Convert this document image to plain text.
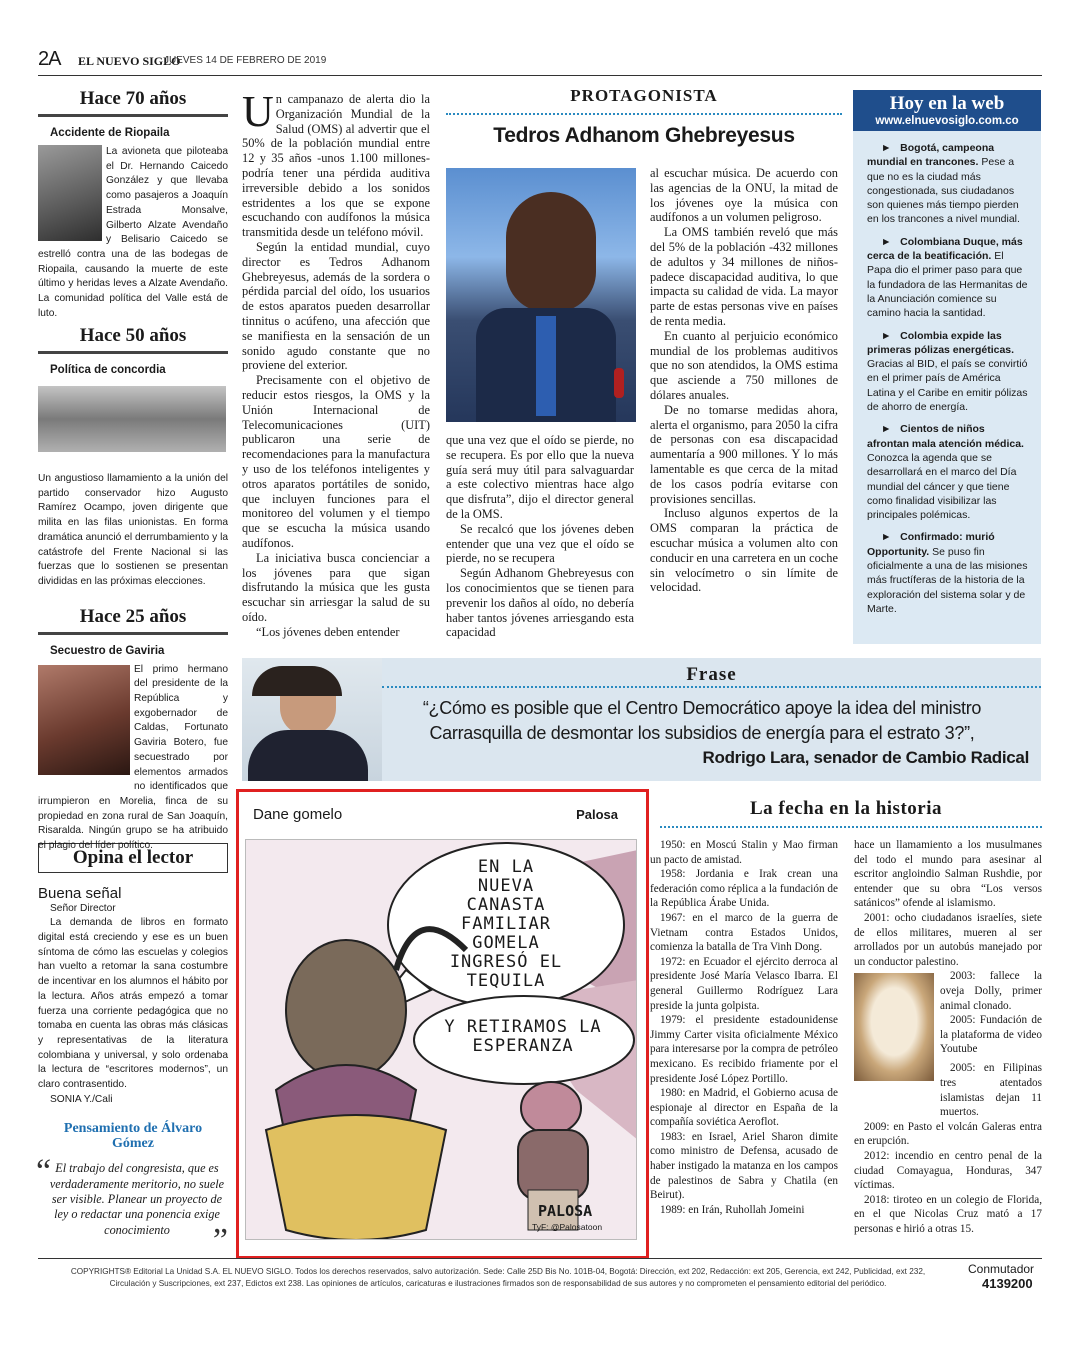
2A EL NUEVO SIGLO
JUEVES 14 DE FEBRERO DE 2019
Hace 70 años
Accidente de Riopaila

La avioneta que piloteaba el Dr. Hernando Caicedo González y que llevaba como pasajeros a Joaquín Estrada Monsalve, Gilberto Alzate Avendaño y Belisario Caicedo se estrelló contra una de las bodegas de Riopaila, causando la muerte de este último y heridas leves a Alzate Avendaño. La comunidad política del Valle está de luto.

Hace 50 años
Política de concordia

Un angustioso llamamiento a la unión del partido conservador hizo Augusto Ramírez Ocampo, joven dirigente que milita en las filas unionistas. En forma dramática anunció el derrumbamiento y la catástrofe del Frente Nacional si las fuerzas que lo sostienen se presentan divididas en las próximas elecciones.

Hace 25 años
Secuestro de Gaviria

El primo hermano del presidente de la República y exgobernador de Caldas, Fortunato Gaviria Botero, fue secuestrado por elementos armados no identificados que irrumpieron en Morelia, finca de su propiedad en zona rural de San Joaquín, Risaralda. Ningún grupo se ha atribuido el plagio del líder político.

Opina el lector
Buena señal
Señor Director

La demanda de libros en formato digital está creciendo y ese es un buen síntoma de cómo las escuelas y colegios han vuelto a retomar la sana costumbre de incentivar en los alumnos el hábito por la lectura. Años atrás empezó a tomar fuerza una corriente pedagógica que no tomaba en cuenta las obras más clásicas y representativas de la literatura colombiana y universal, y solo ordenaba la lectura de “escritores modernos”, un claro contrasentido.

SONIA Y./Cali
Pensamiento de Álvaro Gómez
“
”

El trabajo del congresista, que es verdaderamente meritorio, no suele ser visible. Planear un proyecto de ley o redactar una ponencia exige conocimiento

PROTAGONISTA
Tedros Adhanom Ghebreyesus

Un campanazo de alerta dio la Organización Mundial de la Salud (OMS) al advertir que el 50% de la población mundial entre 12 y 35 años -unos 1.100 millones- podría tener una pérdida auditiva irreversible debido a los sonidos estridentes a los que se expone escuchando con audífonos la música transmitida desde un teléfono móvil.

Según la entidad mundial, cuyo director es Tedros Adhanom Ghebreyesus, además de la sordera o pérdida parcial del oído, los usuarios de estos aparatos pueden desarrollar tinnitus o acúfeno, una afección que se manifiesta en la sensación de un sonido agudo constante que no proviene del exterior.

Precisamente con el objetivo de reducir estos riesgos, la OMS y la Unión Internacional de Telecomunicaciones (UIT) publicaron una serie de recomendaciones para la manufactura y uso de los teléfonos inteligentes y otros aparatos portátiles de sonido, que incluyen funciones para el monitoreo del volumen y el tiempo que se escucha la música usando audífonos.

La iniciativa busca concienciar a los jóvenes para que sigan disfrutando la música que les gusta escuchar sin arriesgar la salud de su oído.

“Los jóvenes deben entender

que una vez que el oído se pierde, no se recupera. Es por ello que la nueva guía será muy útil para salvaguardar a este colectivo mientras hace algo que disfruta”, dijo el director general de la OMS.

Se recalcó que los jóvenes deben entender que una vez que el oído se pierde, no se recupera

Según Adhanom Ghebreyesus con los conocimientos que se tienen para prevenir los daños al oído, no debería haber tantos jóvenes arriesgando esta capacidad

al escuchar música. De acuerdo con las agencias de la ONU, la mitad de los jóvenes oye la música con audífonos a un volumen peligroso.

La OMS también reveló que más del 5% de la población -432 millones de adultos y 34 millones de niños- padece discapacidad auditiva, lo que impacta su calidad de vida. La mayor parte de estas personas vive en países de renta media.

En cuanto al perjuicio económico mundial de los problemas auditivos que no son atendidos, la OMS estima que asciende a 750 millones de dólares anuales.

De no tomarse medidas ahora, alerta el organismo, para 2050 la cifra de personas con esa discapacidad aumentaría a 900 millones. Y lo más lamentable es que cerca de la mitad de los casos podría evitarse con provisiones sencillas.

Incluso algunos expertos de la OMS comparan la práctica de escuchar música a volumen alto con conducir en una carretera en un coche sin velocímetro o sin límite de velocidad.

Hoy en la web
www.elnuevosiglo.com.co
►   Bogotá, campeona mundial en trancones. Pese a que no es la ciudad más congestionada, sus ciudadanos son quienes más tiempo pierden en los trancones a nivel mundial.
►   Colombiana Duque, más cerca de la beatificación. El Papa dio el primer paso para que la fundadora de las Hermanitas de la Anunciación comience su camino hacia la santidad.
►   Colombia expide las primeras pólizas energéticas. Gracias al BID, el país se convirtió en el primer país de América Latina y el Caribe en emitir pólizas de ahorro de energía.
►   Cientos de niños afrontan mala atención médica. Conozca la agenda que se desarrollará en el marco del Día mundial del cáncer y que tiene como finalidad visibilizar las principales polémicas.
►   Confirmado: murió Opportunity. Se puso fin oficialmente a una de las misiones más fructíferas de la historia de la exploración del sistema solar y de Marte.
Frase

“¿Cómo es posible que el Centro Democrático apoye la idea del ministro Carrasquilla de desmontar los subsidios de energía para el estrato 3?”,

Rodrigo Lara, senador de Cambio Radical
Dane gomelo	Palosa
EN LA NUEVA CANASTA FAMILIAR GOMELA INGRESÓ EL TEQUILA
Y RETIRAMOS LA ESPERANZA
PALOSA
TyF: @Palosatoon
La fecha en la historia

1950: en Moscú Stalin y Mao firman un pacto de amistad.

1958: Jordania e Irak crean una federación como réplica a la fundación de la República Árabe Unida.

1967: en el marco de la guerra de Vietnam contra Estados Unidos, comienza la batalla de Tra Vinh Dong.

1972: en Ecuador el ejército derroca al presidente José María Velasco Ibarra. El general Guillermo Rodríguez Lara preside la junta golpista.

1979: el presidente estadounidense Jimmy Carter visita oficialmente México para interesarse por la compra de petróleo mexicano. Es recibido friamente por el presidente José López Portillo.

1980: en Madrid, el Gobierno acusa de espionaje al director en España de la compañía soviética Aeroflot.

1983: en Israel, Ariel Sharon dimite como ministro de Defensa, acusado de haber instigado la matanza en los campos de palestinos de Sabra y Chatila (en Beirut).

1989: en Irán, Ruhollah Jomeini

hace un llamamiento a los musulmanes del todo el mundo para asesinar al escritor angloindio Salman Rushdie, por entender que su obra “Los versos satánicos” ofende al islamismo.

2001: ocho ciudadanos israelíes, siete de ellos militares, mueren al ser arrollados por un autobús manejado por un conductor palestino.

2003: fallece la oveja Dolly, primer animal clonado.

2005: Fundación de la plataforma de video Youtube

2005: en Filipinas tres atentados islamistas dejan 11 muertos.

2009: en Pasto el volcán Galeras entra en erupción.

2012: incendio en centro penal de la ciudad Comayagua, Honduras, 347 víctimas.

2018: tiroteo en un colegio de Florida, en el que Nicolas Cruz mató a 17 personas e hirió a otras 15.

COPYRIGHTS® Editorial La Unidad S.A. EL NUEVO SIGLO. Todos los derechos reservados, salvo autorización. Sede: Calle 25D Bis No. 101B-04, Bogotá: Dirección, ext 202, Redacción: ext 205, Gerencia, ext 242, Publicidad, ext 232, Circulación y Suscripciones, ext 237, Edictos ext 238. Las opiniones de artículos, caricaturas e ilustraciones firmados son de responsabilidad de sus autores y no comprometen el pensamiento editorial del periódico.

Conmutador
4139200
